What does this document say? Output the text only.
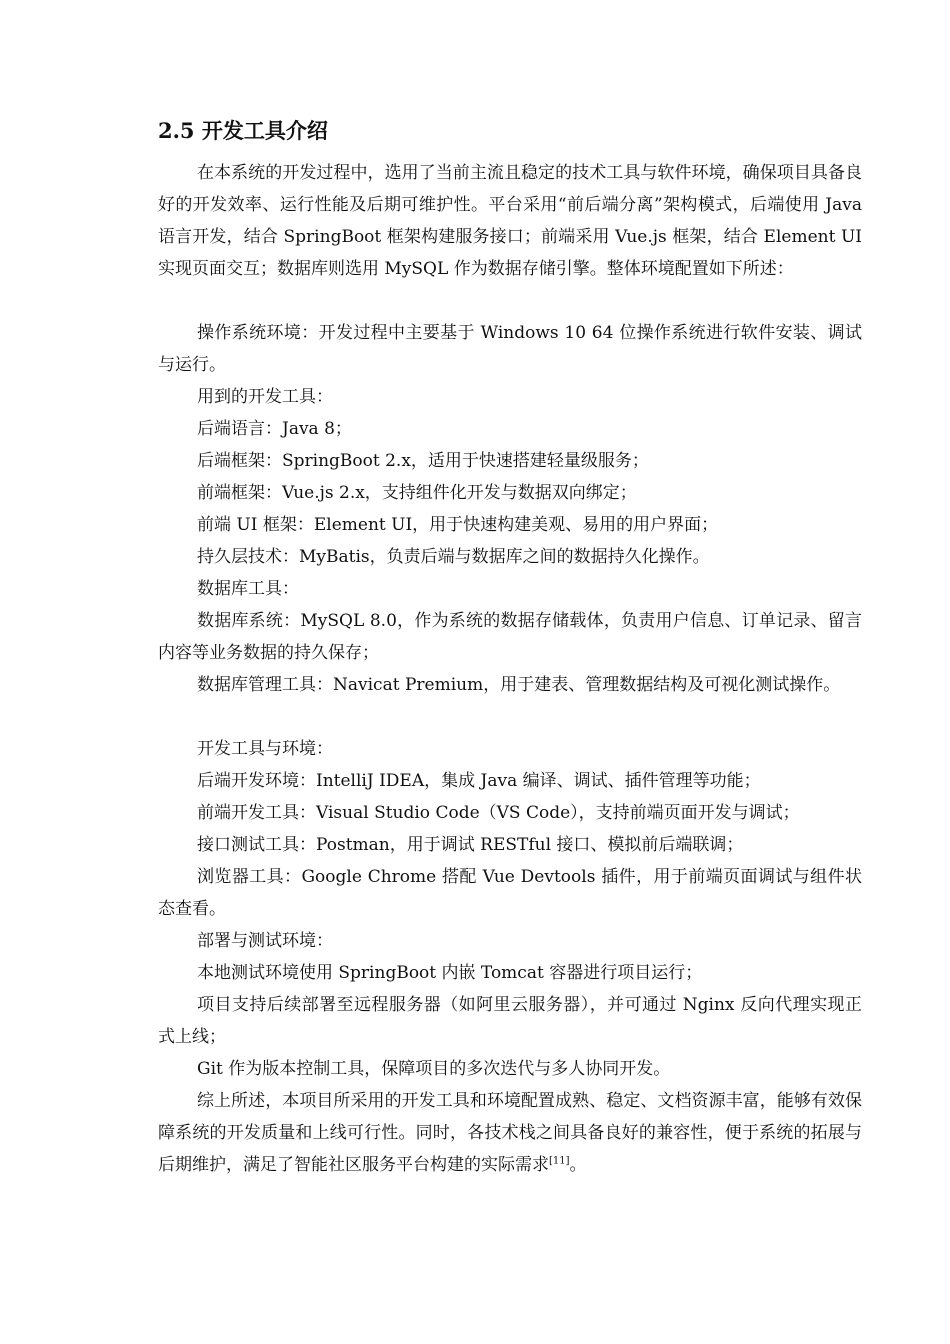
2.5 开发工具介绍

在本系统的开发过程中，选用了当前主流且稳定的技术工具与软件环境，确保项目具备良好的开发效率、运行性能及后期可维护性。平台采用“前后端分离”架构模式，后端使用 Java 语言开发，结合 SpringBoot 框架构建服务接口；前端采用 Vue.js 框架，结合 Element UI 实现页面交互；数据库则选用 MySQL 作为数据存储引擎。整体环境配置如下所述：

操作系统环境：开发过程中主要基于 Windows 10 64 位操作系统进行软件安装、调试与运行。

用到的开发工具：

后端语言：Java 8；

后端框架：SpringBoot 2.x，适用于快速搭建轻量级服务；

前端框架：Vue.js 2.x，支持组件化开发与数据双向绑定；

前端 UI 框架：Element UI，用于快速构建美观、易用的用户界面；

持久层技术：MyBatis，负责后端与数据库之间的数据持久化操作。

数据库工具：

数据库系统：MySQL 8.0，作为系统的数据存储载体，负责用户信息、订单记录、留言内容等业务数据的持久保存；

数据库管理工具：Navicat Premium，用于建表、管理数据结构及可视化测试操作。

开发工具与环境：

后端开发环境：IntelliJ IDEA，集成 Java 编译、调试、插件管理等功能；

前端开发工具：Visual Studio Code（VS Code），支持前端页面开发与调试；

接口测试工具：Postman，用于调试 RESTful 接口、模拟前后端联调；

浏览器工具：Google Chrome 搭配 Vue Devtools 插件，用于前端页面调试与组件状态查看。

部署与测试环境：

本地测试环境使用 SpringBoot 内嵌 Tomcat 容器进行项目运行；

项目支持后续部署至远程服务器（如阿里云服务器），并可通过 Nginx 反向代理实现正式上线；

Git 作为版本控制工具，保障项目的多次迭代与多人协同开发。

综上所述，本项目所采用的开发工具和环境配置成熟、稳定、文档资源丰富，能够有效保障系统的开发质量和上线可行性。同时，各技术栈之间具备良好的兼容性，便于系统的拓展与后期维护，满足了智能社区服务平台构建的实际需求[11]。
